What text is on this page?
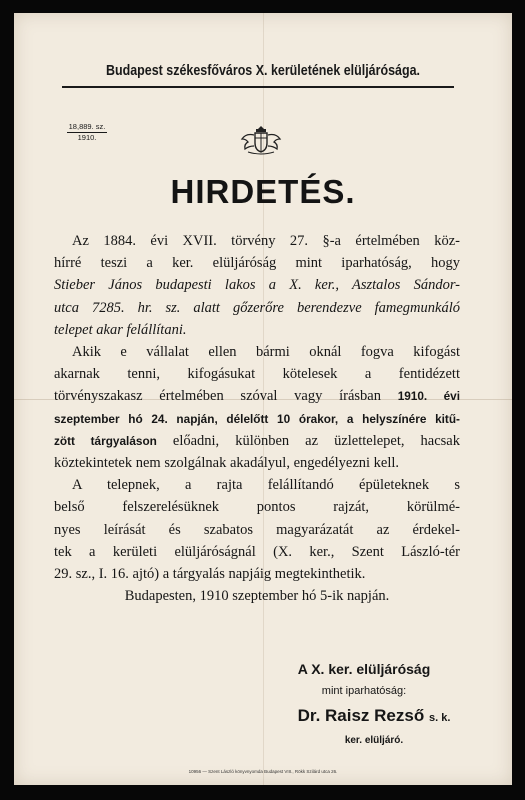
Budapest székesfőváros X. kerületének elüljárósága.
18,889. sz.
1910.
HIRDETÉS.
Az 1884. évi XVII. törvény 27. §-a értelmében köz-
hírré teszi a ker. elüljáróság mint iparhatóság, hogy
Stieber János budapesti lakos a X. ker., Asztalos Sándor-
utca 7285. hr. sz. alatt gőzerőre berendezve famegmunkáló
telepet akar felállítani.
Akik e vállalat ellen bármi oknál fogva kifogást
akarnak tenni, kifogásukat kötelesek a fentidézett
törvényszakasz értelmében szóval vagy írásban 1910. évi
szeptember hó 24. napján, délelőtt 10 órakor, a helyszínére kitű-
zött tárgyaláson előadni, különben az üzlettelepet, hacsak
köztekintetek nem szolgálnak akadályul, engedélyezni kell.
A telepnek, a rajta felállítandó épületeknek s
belső felszerelésüknek pontos rajzát, körülmé-
nyes leírását és szabatos magyarázatát az érdekel-
tek a kerületi elüljáróságnál (X. ker., Szent László-tér
29. sz., I. 16. ajtó) a tárgyalás napjáig megtekinthetik.
Budapesten, 1910 szeptember hó 5-ik napján.
A X. ker. elüljáróság
mint iparhatóság:
Dr. Raisz Rezső s. k.
ker. elüljáró.
10956 — Szent László könyvnyomda Budapest VIII., Rökk Szilárd utca 26.
